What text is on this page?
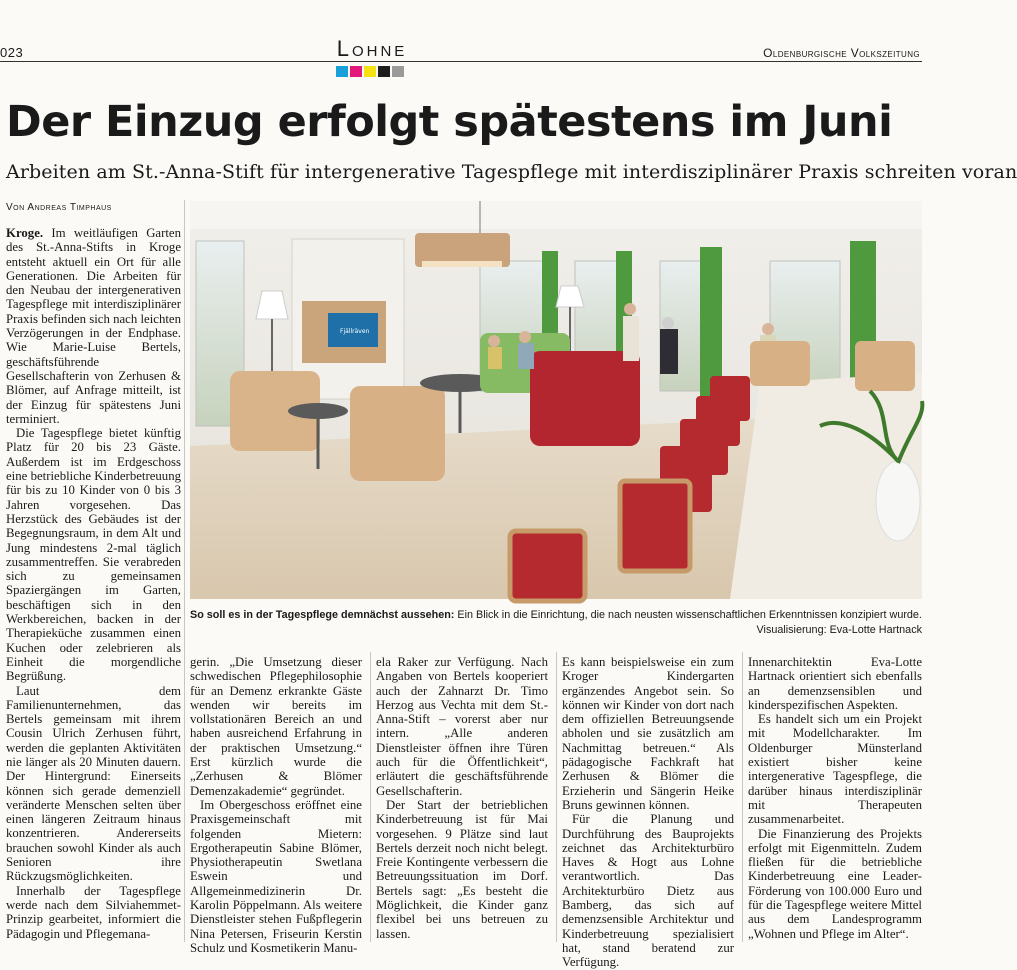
023	Lohne	Oldenburgische Volkszeitung
Der Einzug erfolgt spätestens im Juni
Arbeiten am St.-Anna-Stift für intergenerative Tagespflege mit interdisziplinärer Praxis schreiten voran
Von Andreas Timphaus

Kroge. Im weitläufigen Garten des St.-Anna-Stifts in Kroge entsteht aktuell ein Ort für alle Generationen. Die Arbeiten für den Neubau der intergenerativen Tagespflege mit interdisziplinärer Praxis befinden sich nach leichten Verzögerungen in der Endphase. Wie Marie-Luise Bertels, geschäftsführende Gesellschafterin von Zerhusen & Blömer, auf Anfrage mitteilt, ist der Einzug für spätestens Juni terminiert.

Die Tagespflege bietet künftig Platz für 20 bis 23 Gäste. Außerdem ist im Erdgeschoss eine betriebliche Kinderbetreuung für bis zu 10 Kinder von 0 bis 3 Jahren vorgesehen. Das Herzstück des Gebäudes ist der Begegnungsraum, in dem Alt und Jung mindestens 2-mal täglich zusammentreffen. Sie verabreden sich zu gemeinsamen Spaziergängen im Garten, beschäftigen sich in den Werkbereichen, backen in der Therapieküche zusammen einen Kuchen oder zelebrieren als Einheit die morgendliche Begrüßung.

Laut dem Familienunternehmen, das Bertels gemeinsam mit ihrem Cousin Ulrich Zerhusen führt, werden die geplanten Aktivitäten nie länger als 20 Minuten dauern. Der Hintergrund: Einerseits können sich gerade demenziell veränderte Menschen selten über einen längeren Zeitraum hinaus konzentrieren. Andererseits brauchen sowohl Kinder als auch Senioren ihre Rückzugsmöglichkeiten.

Innerhalb der Tagespflege werde nach dem Silviahemmet-Prinzip gearbeitet, informiert die Pädagogin und Pflegemana-

Fjällräven
So soll es in der Tagespflege demnächst aussehen: Ein Blick in die Einrichtung, die nach neusten wissenschaftlichen Erkenntnissen konzipiert wurde.
Visualisierung: Eva-Lotte Hartnack

gerin. „Die Umsetzung dieser schwedischen Pflegephilosophie für an Demenz erkrankte Gäste wenden wir bereits im vollstationären Bereich an und haben ausreichend Erfahrung in der praktischen Umsetzung.“ Erst kürzlich wurde die „Zerhusen & Blömer Demenzakademie“ gegründet.

Im Obergeschoss eröffnet eine Praxisgemeinschaft mit folgenden Mietern: Ergotherapeutin Sabine Blömer, Physiotherapeutin Swetlana Eswein und Allgemeinmedizinerin Dr. Karolin Pöppelmann. Als weitere Dienstleister stehen Fußpflegerin Nina Petersen, Friseurin Kerstin Schulz und Kosmetikerin Manu-

ela Raker zur Verfügung. Nach Angaben von Bertels kooperiert auch der Zahnarzt Dr. Timo Herzog aus Vechta mit dem St.-Anna-Stift – vorerst aber nur intern. „Alle anderen Dienstleister öffnen ihre Türen auch für die Öffentlichkeit“, erläutert die geschäftsführende Gesellschafterin.

Der Start der betrieblichen Kinderbetreuung ist für Mai vorgesehen. 9 Plätze sind laut Bertels derzeit noch nicht belegt. Freie Kontingente verbessern die Betreuungssituation im Dorf. Bertels sagt: „Es besteht die Möglichkeit, die Kinder ganz flexibel bei uns betreuen zu lassen.

Es kann beispielsweise ein zum Kroger Kindergarten ergänzendes Angebot sein. So können wir Kinder von dort nach dem offiziellen Betreuungsende abholen und sie zusätzlich am Nachmittag betreuen.“ Als pädagogische Fachkraft hat Zerhusen & Blömer die Erzieherin und Sängerin Heike Bruns gewinnen können.

Für die Planung und Durchführung des Bauprojekts zeichnet das Architekturbüro Haves & Hogt aus Lohne verantwortlich. Das Architekturbüro Dietz aus Bamberg, das sich auf demenzsensible Architektur und Kinderbetreuung spezialisiert hat, stand beratend zur Verfügung.

Innenarchitektin Eva-Lotte Hartnack orientiert sich ebenfalls an demenzsensiblen und kinderspezifischen Aspekten.

Es handelt sich um ein Projekt mit Modellcharakter. Im Oldenburger Münsterland existiert bisher keine intergenerative Tagespflege, die darüber hinaus interdisziplinär mit Therapeuten zusammenarbeitet.

Die Finanzierung des Projekts erfolgt mit Eigenmitteln. Zudem fließen für die betriebliche Kinderbetreuung eine Leader-Förderung von 100.000 Euro und für die Tagespflege weitere Mittel aus dem Landesprogramm „Wohnen und Pflege im Alter“.
